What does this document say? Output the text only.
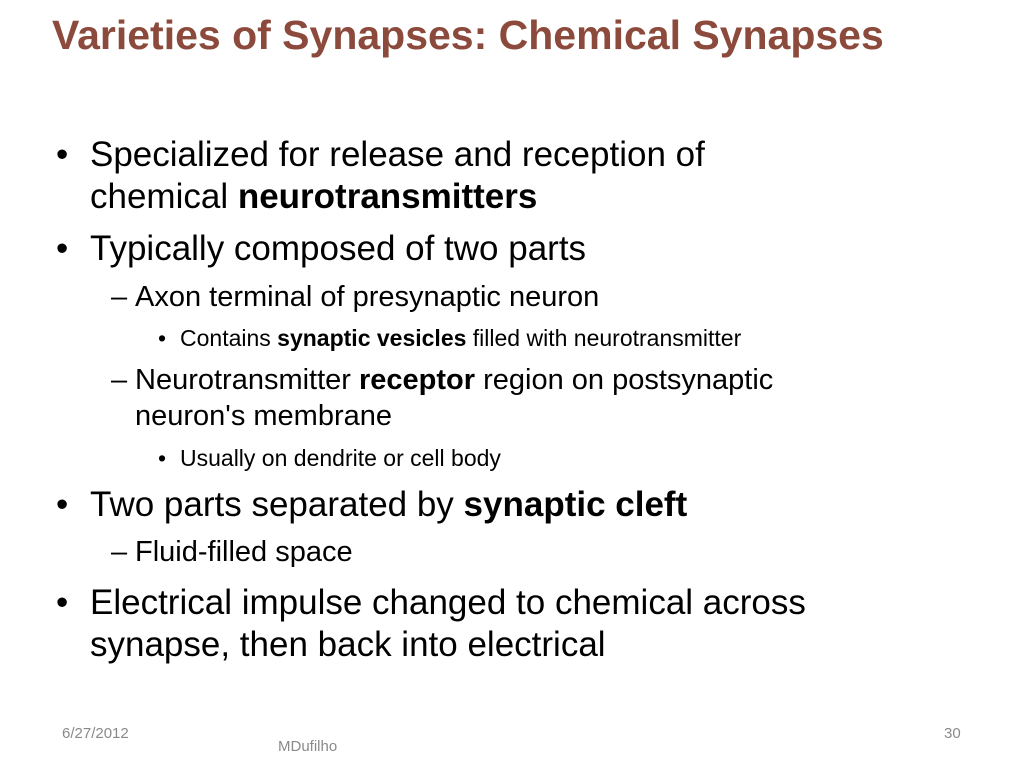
Varieties of Synapses: Chemical Synapses
• Specialized for release and reception of
chemical neurotransmitters
• Typically composed of two parts
– Axon terminal of presynaptic neuron
• Contains synaptic vesicles filled with neurotransmitter
– Neurotransmitter receptor region on postsynaptic
neuron's membrane
• Usually on dendrite or cell body
• Two parts separated by synaptic cleft
– Fluid-filled space
• Electrical impulse changed to chemical across
synapse, then back into electrical
6/27/2012
MDufilho
30
